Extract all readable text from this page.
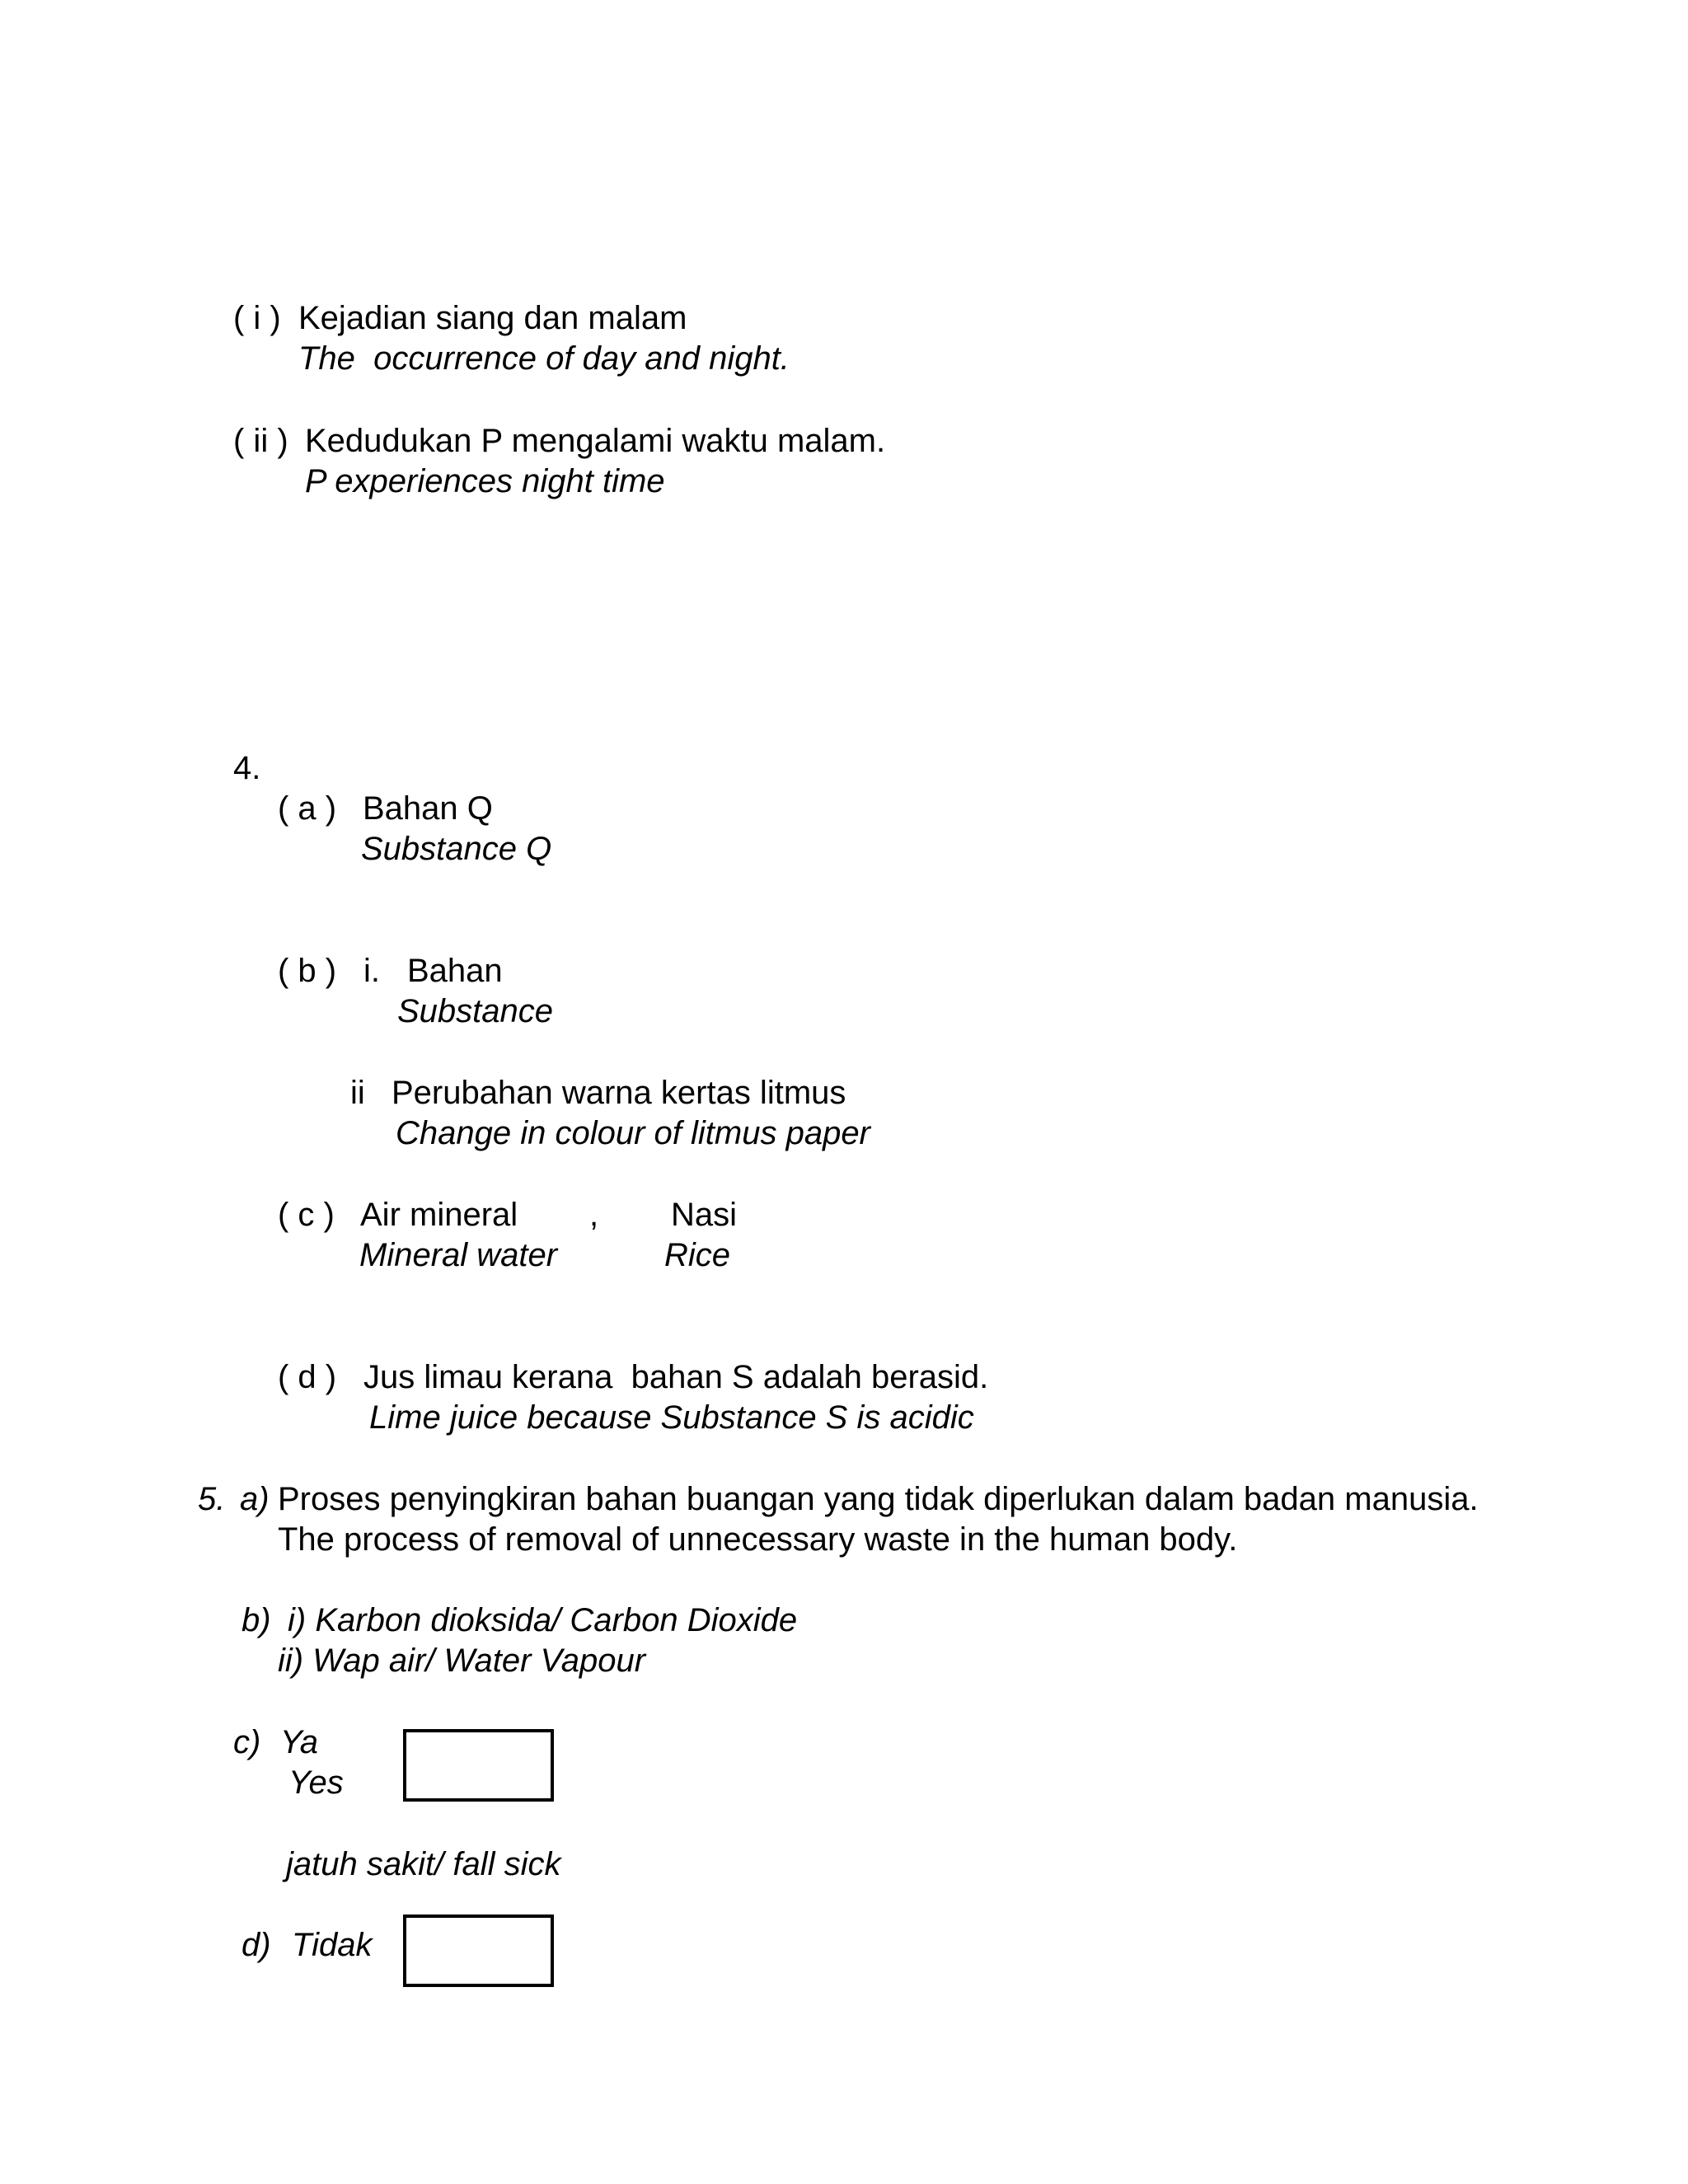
( i ) Kejadian siang dan malam
The  occurrence of day and night.
( ii ) Kedudukan P mengalami waktu malam.
P experiences night time
4.
( a ) Bahan Q
Substance Q
( b ) i. Bahan
Substance
ii Perubahan warna kertas litmus
Change in colour of litmus paper
( c ) Air mineral , Nasi
Mineral water	Rice
( d ) Jus limau kerana  bahan S adalah berasid.
Lime juice because Substance S is acidic
5. a) Proses penyingkiran bahan buangan yang tidak diperlukan dalam badan manusia.
The process of removal of unnecessary waste in the human body.
b) i) Karbon dioksida/ Carbon Dioxide
ii) Wap air/ Water Vapour
c) Ya
Yes
jatuh sakit/ fall sick
d) Tidak
